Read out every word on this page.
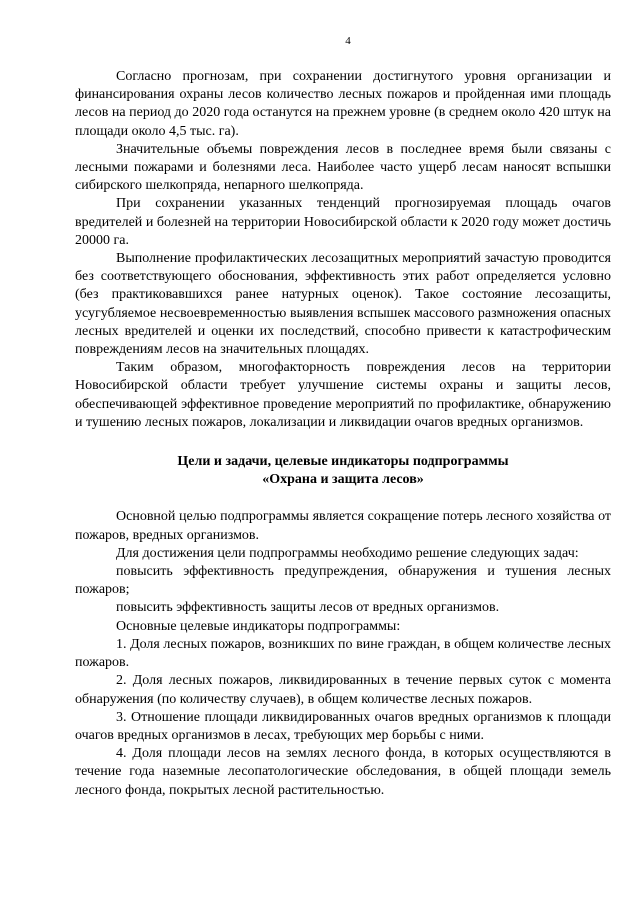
4

Согласно прогнозам, при сохранении достигнутого уровня организации и финансирования охраны лесов количество лесных пожаров и пройденная ими площадь лесов на период до 2020 года останутся на прежнем уровне (в среднем около 420 штук на площади около 4,5 тыс. га).

Значительные объемы повреждения лесов в последнее время были связаны с лесными пожарами и болезнями леса. Наиболее часто ущерб лесам наносят вспышки сибирского шелкопряда, непарного шелкопряда.

При сохранении указанных тенденций прогнозируемая площадь очагов вредителей и болезней на территории Новосибирской области к 2020 году может достичь 20000 га.

Выполнение профилактических лесозащитных мероприятий зачастую проводится без соответствующего обоснования, эффективность этих работ определяется условно (без практиковавшихся ранее натурных оценок). Такое состояние лесозащиты, усугубляемое несвоевременностью выявления вспышек массового размножения опасных лесных вредителей и оценки их последствий, способно привести к катастрофическим повреждениям лесов на значительных площадях.

Таким образом, многофакторность повреждения лесов на территории Новосибирской области требует улучшение системы охраны и защиты лесов, обеспечивающей эффективное проведение мероприятий по профилактике, обнаружению и тушению лесных пожаров, локализации и ликвидации очагов вредных организмов.

Цели и задачи, целевые индикаторы подпрограммы
«Охрана и защита лесов»

Основной целью подпрограммы является сокращение потерь лесного хозяйства от пожаров, вредных организмов.

Для достижения цели подпрограммы необходимо решение следующих задач:

повысить эффективность предупреждения, обнаружения и тушения лесных пожаров;

повысить эффективность защиты лесов от вредных организмов.

Основные целевые индикаторы подпрограммы:

1. Доля лесных пожаров, возникших по вине граждан, в общем количестве лесных пожаров.

2. Доля лесных пожаров, ликвидированных в течение первых суток с момента обнаружения (по количеству случаев), в общем количестве лесных пожаров.

3. Отношение площади ликвидированных очагов вредных организмов к площади очагов вредных организмов в лесах, требующих мер борьбы с ними.

4. Доля площади лесов на землях лесного фонда, в которых осуществляются в течение года наземные лесопатологические обследования, в общей площади земель лесного фонда, покрытых лесной растительностью.
